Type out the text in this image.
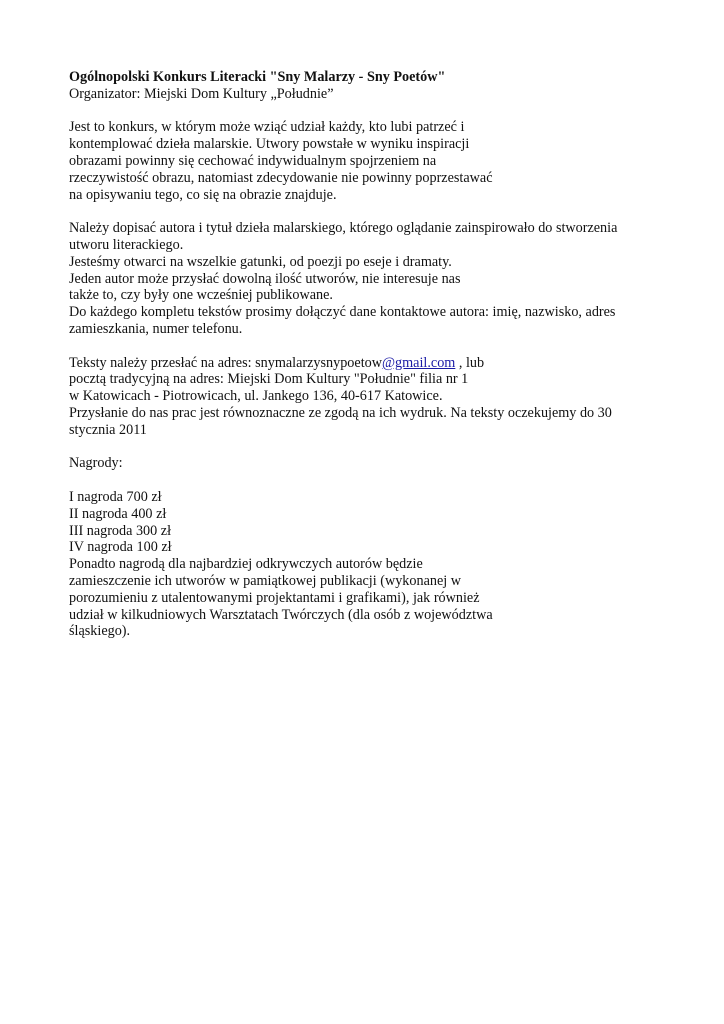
Ogólnopolski Konkurs Literacki "Sny Malarzy - Sny Poetów"
Organizator: Miejski Dom Kultury „Południe”
Jest to konkurs, w którym może wziąć udział każdy, kto lubi patrzeć i
kontemplować dzieła malarskie. Utwory powstałe w wyniku inspiracji
obrazami powinny się cechować indywidualnym spojrzeniem na
rzeczywistość obrazu, natomiast zdecydowanie nie powinny poprzestawać
na opisywaniu tego, co się na obrazie znajduje.
Należy dopisać autora i tytuł dzieła malarskiego, którego oglądanie zainspirowało do stworzenia
utworu literackiego.
Jesteśmy otwarci na wszelkie gatunki, od poezji po eseje i dramaty.
Jeden autor może przysłać dowolną ilość utworów, nie interesuje nas
także to, czy były one wcześniej publikowane.
Do każdego kompletu tekstów prosimy dołączyć dane kontaktowe autora: imię, nazwisko, adres
zamieszkania, numer telefonu.
Teksty należy przesłać na adres: snymalarzysnypoetow@gmail.com , lub
pocztą tradycyjną na adres: Miejski Dom Kultury "Południe" filia nr 1
w Katowicach - Piotrowicach, ul. Jankego 136, 40-617 Katowice.
Przysłanie do nas prac jest równoznaczne ze zgodą na ich wydruk. Na teksty oczekujemy do 30
stycznia 2011
Nagrody:
I nagroda 700 zł
II nagroda 400 zł
III nagroda 300 zł
IV nagroda 100 zł
Ponadto nagrodą dla najbardziej odkrywczych autorów będzie
zamieszczenie ich utworów w pamiątkowej publikacji (wykonanej w
porozumieniu z utalentowanymi projektantami i grafikami), jak również
udział w kilkudniowych Warsztatach Twórczych (dla osób z województwa
śląskiego).
